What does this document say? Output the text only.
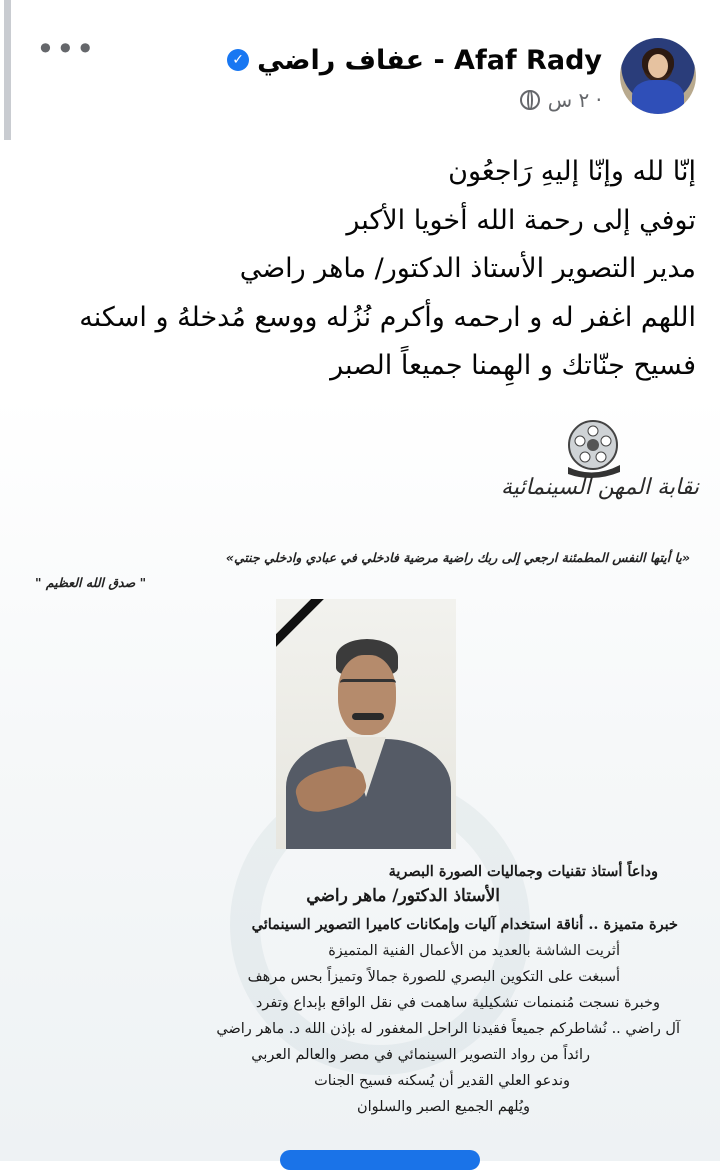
•••	✓ عفاف راضي - Afaf Rady
٢ س ·
إنّا لله وإنّا إليهِ رَاجعُون
توفي إلى رحمة الله أخويا الأكبر
مدير التصوير الأستاذ الدكتور/ ماهر راضي
اللهم اغفر له و ارحمه وأكرم نُزُله ووسع مُدخلهُ و اسكنه
فسيح جنّاتك و الهِمنا جميعاً الصبر
نقابة المهن السينمائية
«يا أيتها النفس المطمئنة ارجعي إلى ربك راضية مرضية فادخلي في عبادي وادخلي جنتي»
" صدق الله العظيم "
وداعاً أستاذ تقنيات وجماليات الصورة البصرية
الأستاذ الدكتور/ ماهر راضي
خبرة متميزة .. أناقة استخدام آليات وإمكانات كاميرا التصوير السينمائي
أثريت الشاشة بالعديد من الأعمال الفنية المتميزة
أسبغت على التكوين البصري للصورة جمالاً وتميزاً بحس مرهف
وخبرة نسجت مُنمنمات تشكيلية ساهمت في نقل الواقع بإبداع وتفرد
آل راضي .. نُشاطركم جميعاً فقيدنا الراحل المغفور له بإذن الله د. ماهر راضي
رائداً من رواد التصوير السينمائي في مصر والعالم العربي
وندعو العلي القدير أن يُسكنه فسيح الجنات
ويُلهم الجميع الصبر والسلوان
